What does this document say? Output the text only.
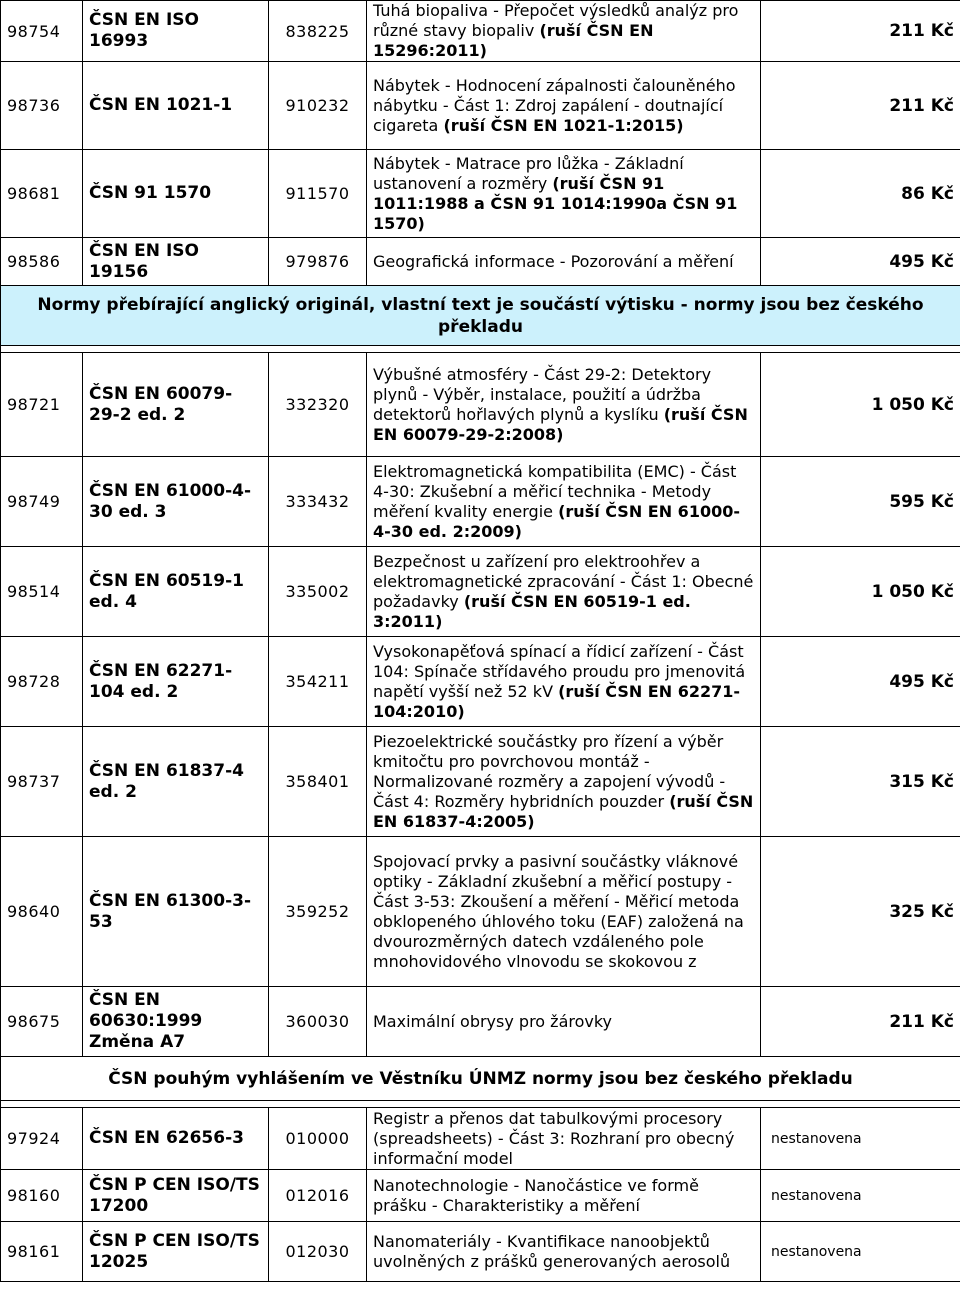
98754	ČSN EN ISO 16993	838225	Tuhá biopaliva - Přepočet výsledků analýz pro různé stavy biopaliv (ruší ČSN EN 15296:2011)	211 Kč
98736	ČSN EN 1021-1	910232	Nábytek - Hodnocení zápalnosti čalouněného nábytku - Část 1: Zdroj zapálení - doutnající cigareta (ruší ČSN EN 1021-1:2015)	211 Kč
98681	ČSN 91 1570	911570	Nábytek - Matrace pro lůžka - Základní ustanovení a rozměry (ruší ČSN 91 1011:1988 a ČSN 91 1014:1990a ČSN 91 1570)	86 Kč
98586	ČSN EN ISO 19156	979876	Geografická informace - Pozorování a měření	495 Kč
Normy přebírající anglický originál, vlastní text je součástí výtisku - normy jsou bez českého překladu				

98721	ČSN EN 60079-29-2 ed. 2	332320	Výbušné atmosféry - Část 29-2: Detektory plynů - Výběr, instalace, použití a údržba detektorů hořlavých plynů a kyslíku (ruší ČSN EN 60079-29-2:2008)	1 050 Kč
98749	ČSN EN 61000-4-30 ed. 3	333432	Elektromagnetická kompatibilita (EMC) - Část 4-30: Zkušební a měřicí technika - Metody měření kvality energie (ruší ČSN EN 61000-4-30 ed. 2:2009)	595 Kč
98514	ČSN EN 60519-1 ed. 4	335002	Bezpečnost u zařízení pro elektroohřev a elektromagnetické zpracování - Část 1: Obecné požadavky (ruší ČSN EN 60519-1 ed. 3:2011)	1 050 Kč
98728	ČSN EN 62271-104 ed. 2	354211	Vysokonapěťová spínací a řídicí zařízení - Část 104: Spínače střídavého proudu pro jmenovitá napětí vyšší než 52 kV (ruší ČSN EN 62271-104:2010)	495 Kč
98737	ČSN EN 61837-4 ed. 2	358401	Piezoelektrické součástky pro řízení a výběr kmitočtu pro povrchovou montáž - Normalizované rozměry a zapojení vývodů - Část 4: Rozměry hybridních pouzder (ruší ČSN EN 61837-4:2005)	315 Kč
98640	ČSN EN 61300-3-53	359252	Spojovací prvky a pasivní součástky vláknové optiky - Základní zkušební a měřicí postupy - Část 3-53: Zkoušení a měření - Měřicí metoda obklopeného úhlového toku (EAF) založená na dvourozměrných datech vzdáleného pole mnohovidového vlnovodu se skokovou z	325 Kč
98675	ČSN EN 60630:1999 Změna A7	360030	Maximální obrysy pro žárovky	211 Kč
ČSN pouhým vyhlášením ve Věstníku ÚNMZ normy jsou bez českého překladu				

97924	ČSN EN 62656-3	010000	Registr a přenos dat tabulkovými procesory (spreadsheets) - Část 3: Rozhraní pro obecný informační model	nestanovena
98160	ČSN P CEN ISO/TS 17200	012016	Nanotechnologie - Nanočástice ve formě prášku - Charakteristiky a měření	nestanovena
98161	ČSN P CEN ISO/TS 12025	012030	Nanomateriály - Kvantifikace nanoobjektů uvolněných z prášků generovaných aerosolů	nestanovena
